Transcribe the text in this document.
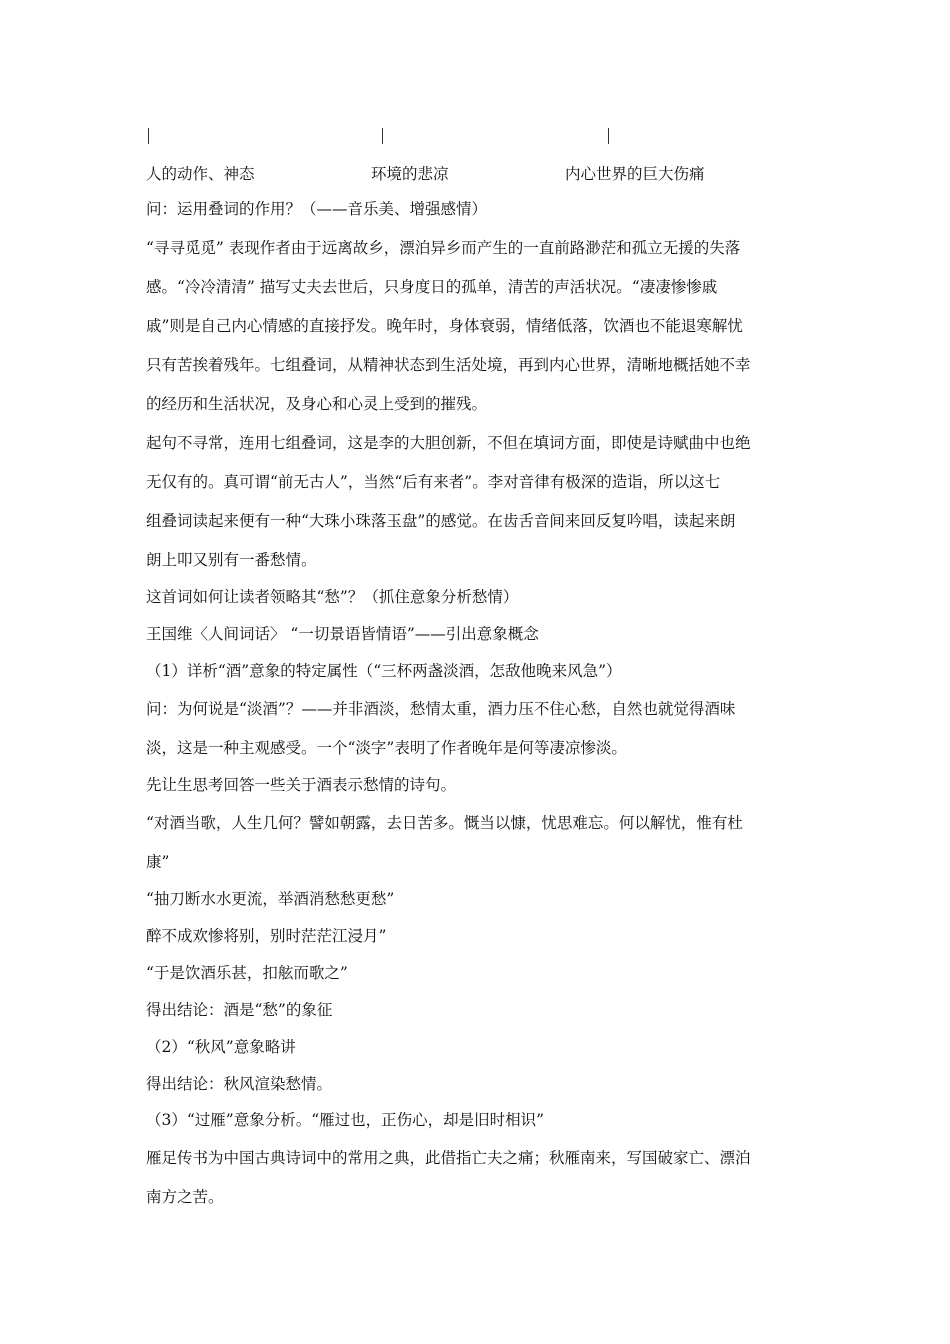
人的动作、神态	环境的悲凉	内心世界的巨大伤痛
问：运用叠词的作用？（——音乐美、增强感情）
“寻寻觅觅” 表现作者由于远离故乡，漂泊异乡而产生的一直前路渺茫和孤立无援的失落
感。“冷冷清清” 描写丈夫去世后，只身度日的孤单，清苦的声活状况。“凄凄惨惨戚
戚”则是自己内心情感的直接抒发。晚年时，身体衰弱，情绪低落，饮酒也不能退寒解忧
只有苦挨着残年。七组叠词，从精神状态到生活处境，再到内心世界，清晰地概括她不幸
的经历和生活状况，及身心和心灵上受到的摧残。
起句不寻常，连用七组叠词，这是李的大胆创新，不但在填词方面，即使是诗赋曲中也绝
无仅有的。真可谓“前无古人”，当然“后有来者”。李对音律有极深的造诣，所以这七
组叠词读起来便有一种“大珠小珠落玉盘”的感觉。在齿舌音间来回反复吟唱，读起来朗
朗上叩又别有一番愁情。
这首词如何让读者领略其“愁”？（抓住意象分析愁情）
王国维〈人间词话〉 “一切景语皆情语”——引出意象概念
（1）详析“酒”意象的特定属性（“三杯两盏淡酒，怎敌他晚来风急”）
问：为何说是“淡酒”？——并非酒淡，愁情太重，酒力压不住心愁，自然也就觉得酒味
淡，这是一种主观感受。一个“淡字”表明了作者晚年是何等凄凉惨淡。
先让生思考回答一些关于酒表示愁情的诗句。
“对酒当歌，人生几何？譬如朝露，去日苦多。慨当以慷，忧思难忘。何以解忧，惟有杜
康”
“抽刀断水水更流，举酒消愁愁更愁”
醉不成欢惨将别，别时茫茫江浸月”
“于是饮酒乐甚，扣舷而歌之”
得出结论：酒是“愁”的象征
（2）“秋风”意象略讲
得出结论：秋风渲染愁情。
（3）“过雁”意象分析。“雁过也，正伤心，却是旧时相识”
雁足传书为中国古典诗词中的常用之典，此借指亡夫之痛；秋雁南来，写国破家亡、漂泊
南方之苦。
